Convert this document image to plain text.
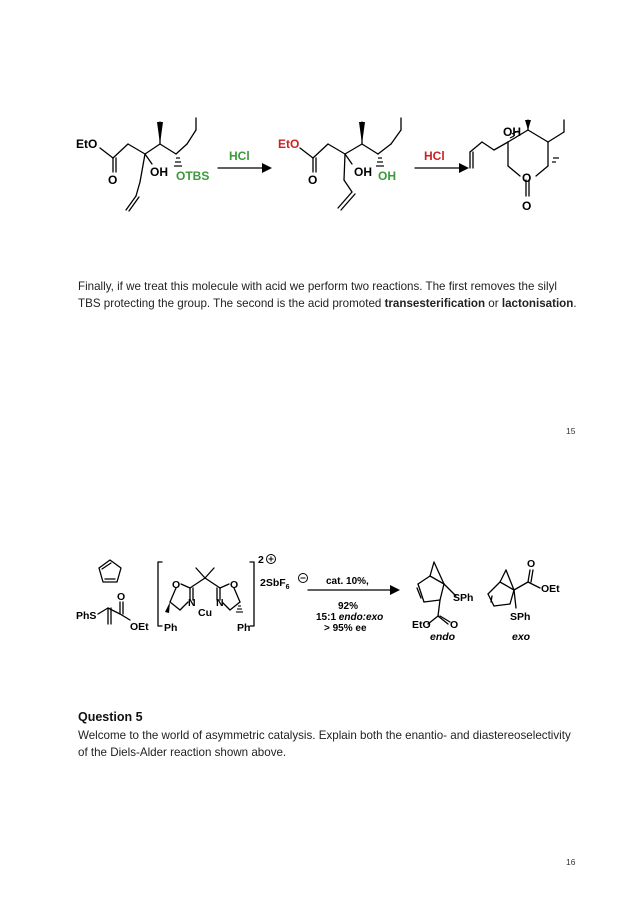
EtO
O
OH OTBS
HCl
EtO
O
OH OH
HCl
OH
O
O
Finally, if we treat this molecule with acid we perform two reactions. The first removes the silyl TBS protecting the group. The second is the acid promoted transesterification or lactonisation.
15
PhS
O
OEt
O	O
N N
Cu
Ph	Ph
2
2SbF$_6$
cat. 10%,
92%
15:1 endo:exo
> 95% ee
SPh
EtO O
endo
O
OEt
SPh
exo
Question 5
Welcome to the world of asymmetric catalysis. Explain both the enantio- and diastereoselectivity of the Diels-Alder reaction shown above.
16
